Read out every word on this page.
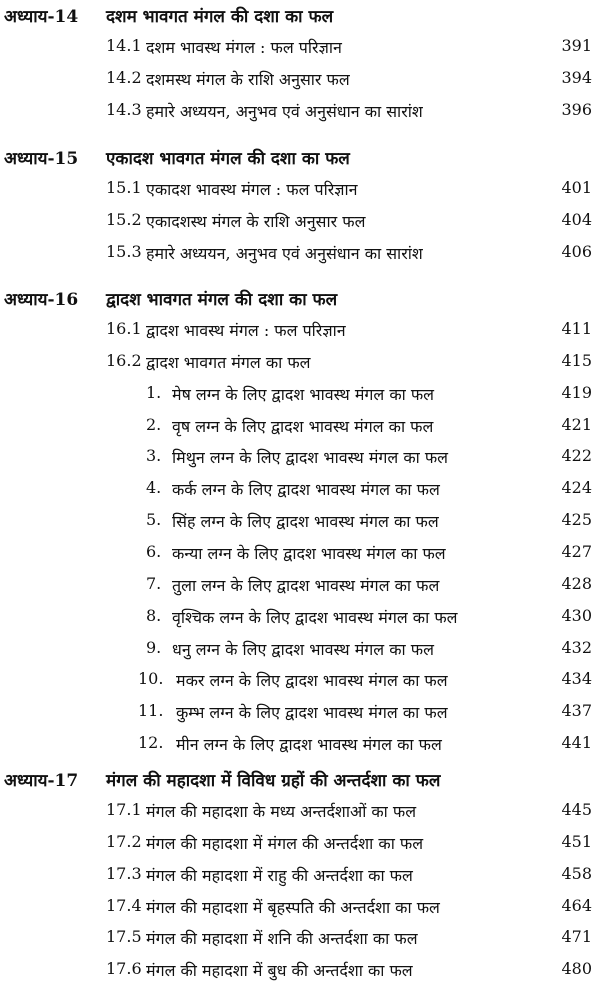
अध्याय-14 दशम भावगत मंगल की दशा का फल
14.1 दशम भावस्थ मंगल : फल परिज्ञान	391
14.2 दशमस्थ मंगल के राशि अनुसार फल	394
14.3 हमारे अध्ययन, अनुभव एवं अनुसंधान का सारांश	396
अध्याय-15 एकादश भावगत मंगल की दशा का फल
15.1 एकादश भावस्थ मंगल : फल परिज्ञान	401
15.2 एकादशस्थ मंगल के राशि अनुसार फल	404
15.3 हमारे अध्ययन, अनुभव एवं अनुसंधान का सारांश	406
अध्याय-16 द्वादश भावगत मंगल की दशा का फल
16.1 द्वादश भावस्थ मंगल : फल परिज्ञान	411
16.2 द्वादश भावगत मंगल का फल	415
1. मेष लग्न के लिए द्वादश भावस्थ मंगल का फल	419
2. वृष लग्न के लिए द्वादश भावस्थ मंगल का फल	421
3. मिथुन लग्न के लिए द्वादश भावस्थ मंगल का फल	422
4. कर्क लग्न के लिए द्वादश भावस्थ मंगल का फल	424
5. सिंह लग्न के लिए द्वादश भावस्थ मंगल का फल	425
6. कन्या लग्न के लिए द्वादश भावस्थ मंगल का फल	427
7. तुला लग्न के लिए द्वादश भावस्थ मंगल का फल	428
8. वृश्चिक लग्न के लिए द्वादश भावस्थ मंगल का फल	430
9. धनु लग्न के लिए द्वादश भावस्थ मंगल का फल	432
10. मकर लग्न के लिए द्वादश भावस्थ मंगल का फल	434
11. कुम्भ लग्न के लिए द्वादश भावस्थ मंगल का फल	437
12. मीन लग्न के लिए द्वादश भावस्थ मंगल का फल	441
अध्याय-17 मंगल की महादशा में विविध ग्रहों की अन्तर्दशा का फल
17.1 मंगल की महादशा के मध्य अन्तर्दशाओं का फल	445
17.2 मंगल की महादशा में मंगल की अन्तर्दशा का फल	451
17.3 मंगल की महादशा में राहु की अन्तर्दशा का फल	458
17.4 मंगल की महादशा में बृहस्पति की अन्तर्दशा का फल	464
17.5 मंगल की महादशा में शनि की अन्तर्दशा का फल	471
17.6 मंगल की महादशा में बुध की अन्तर्दशा का फल	480
